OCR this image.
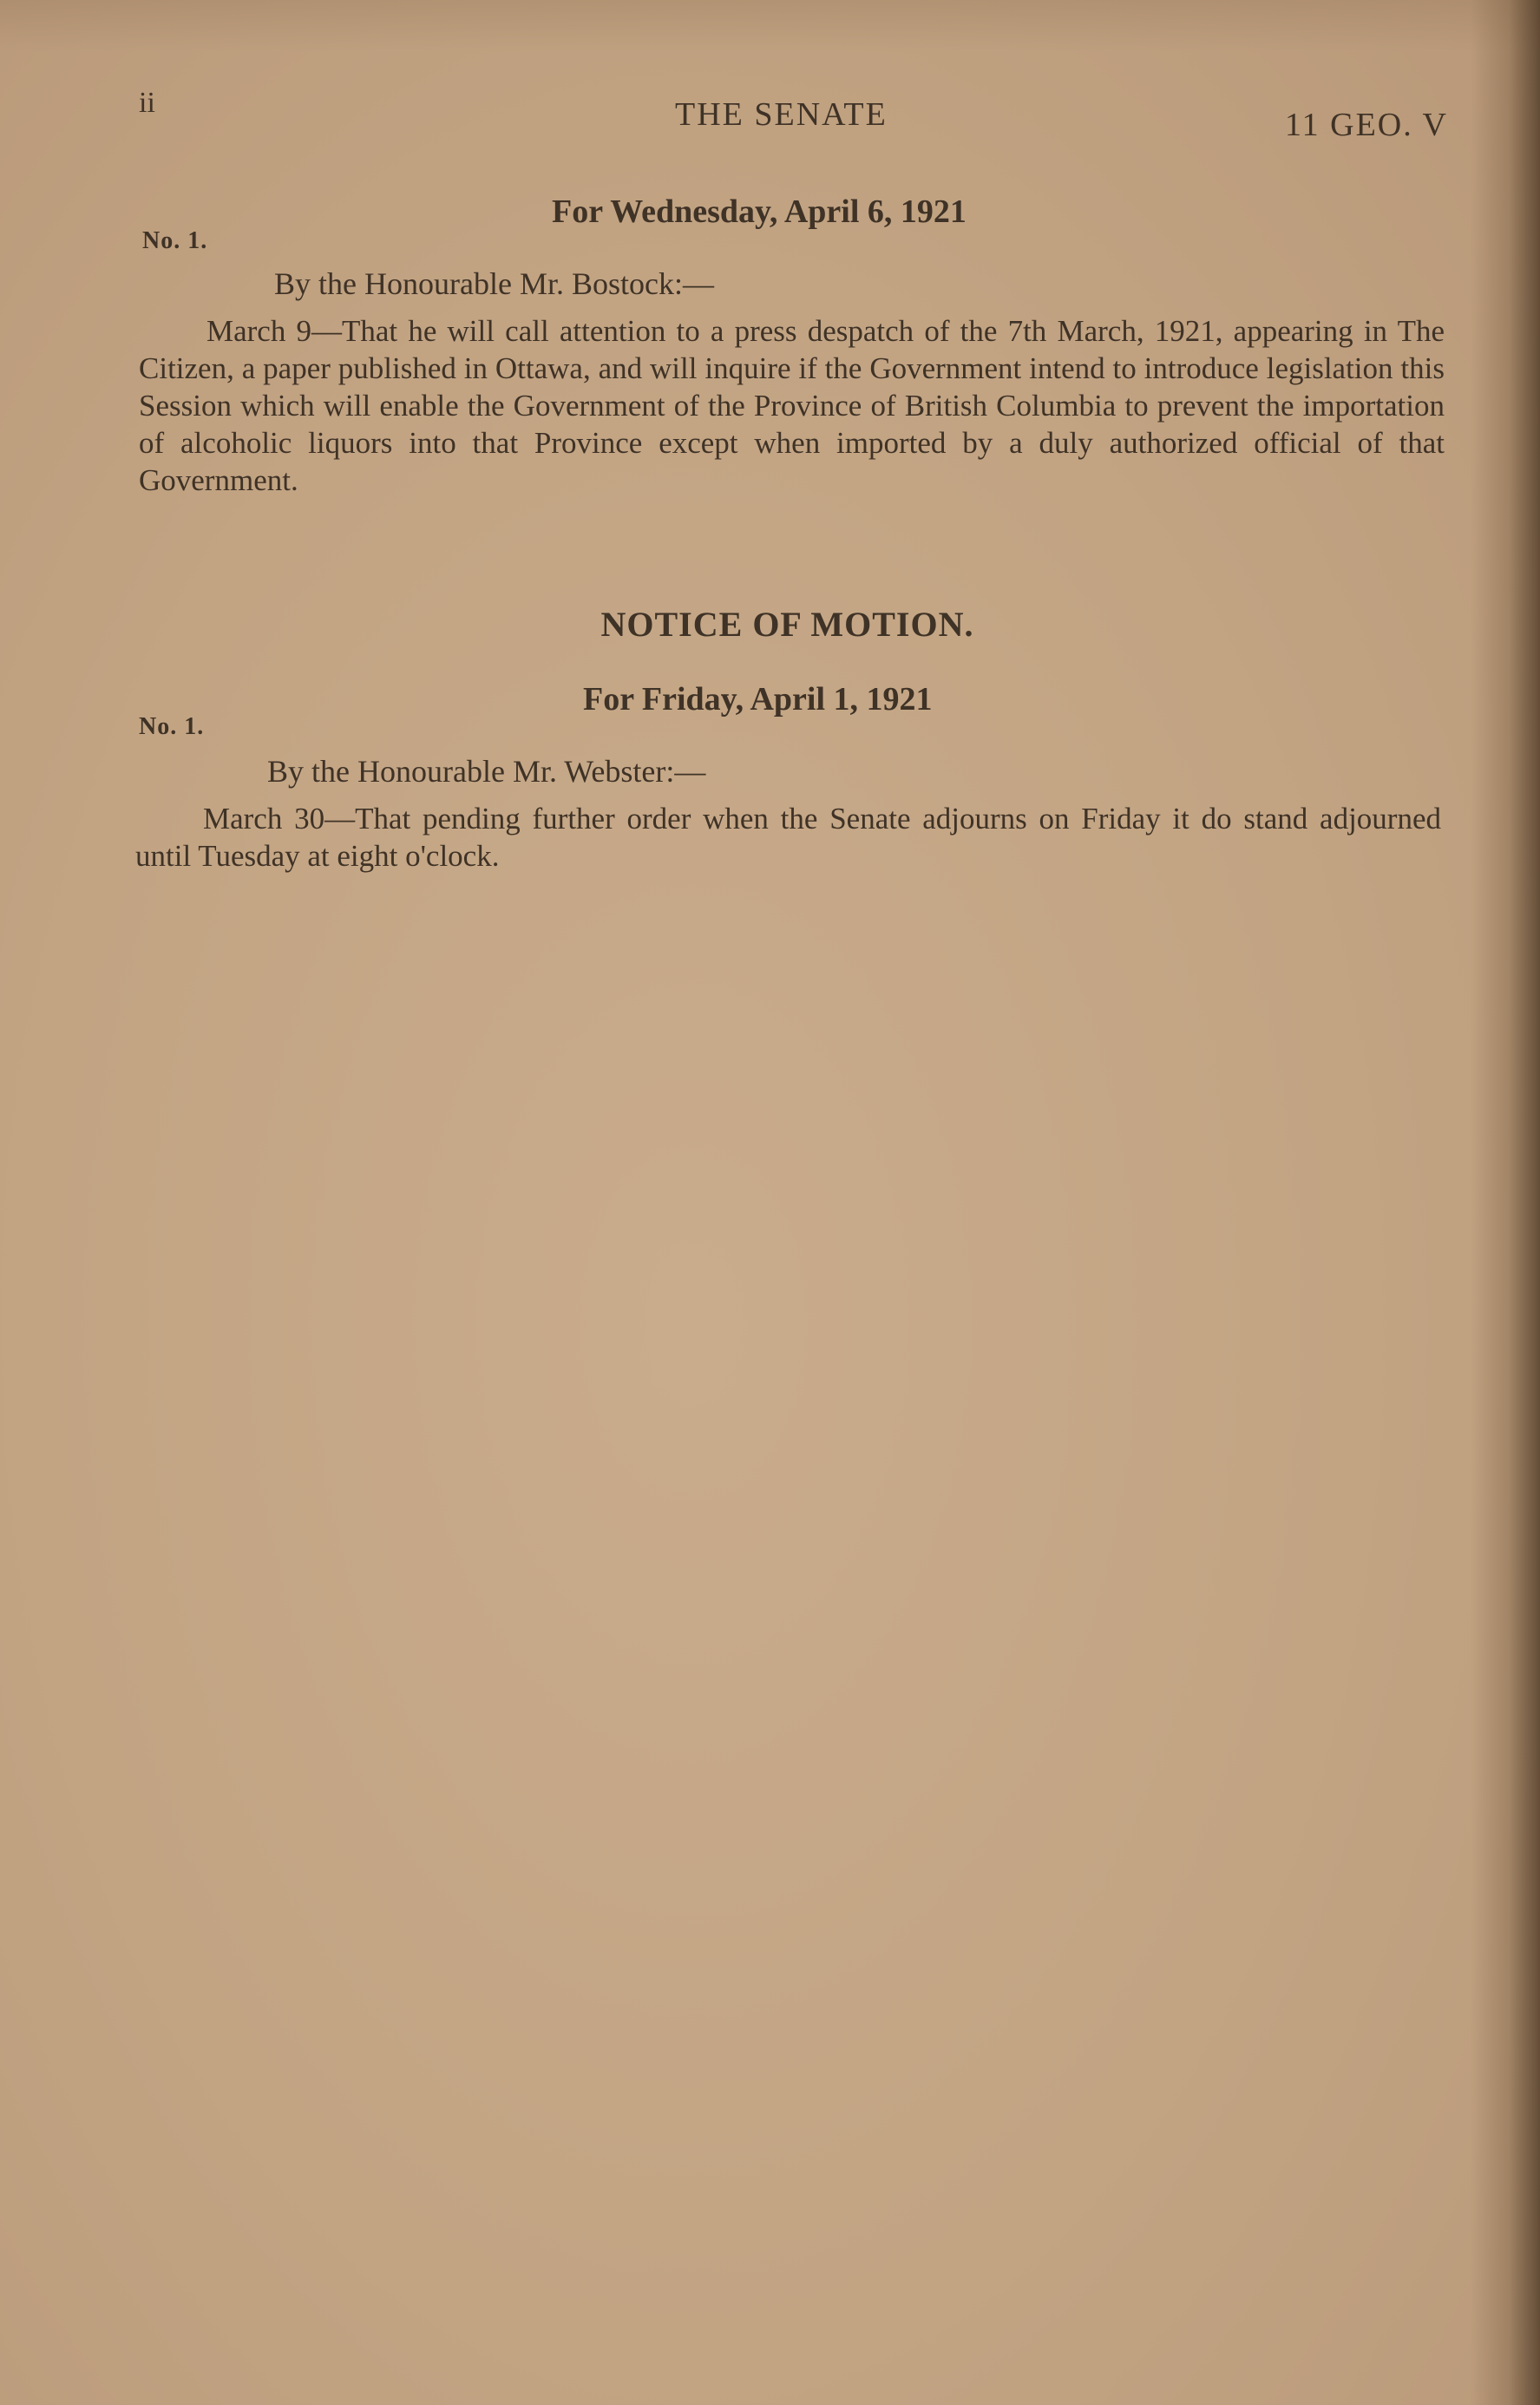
ii	THE SENATE	11 GEO. V
For Wednesday, April 6, 1921
No. 1.
By the Honourable Mr. Bostock:—

March 9—That he will call attention to a press despatch of the 7th March, 1921, appearing in The Citizen, a paper published in Ottawa, and will inquire if the Government intend to introduce legislation this Session which will enable the Government of the Province of British Columbia to prevent the importation of alcoholic liquors into that Province except when imported by a duly authorized official of that Government.

NOTICE OF MOTION.
For Friday, April 1, 1921
No. 1.
By the Honourable Mr. Webster:—

March 30—That pending further order when the Senate adjourns on Friday it do stand adjourned until Tuesday at eight o'clock.
